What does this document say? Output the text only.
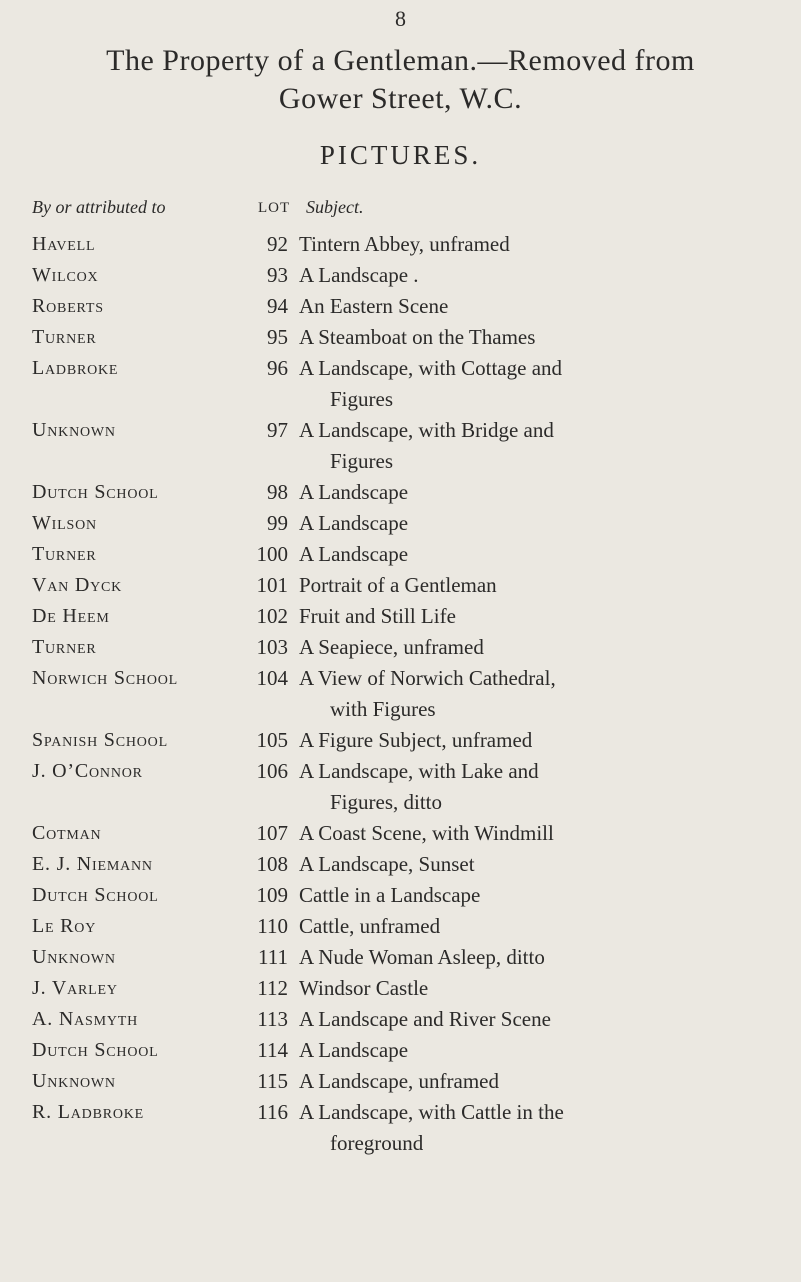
8
The Property of a Gentleman.—Removed from
Gower Street, W.C.
PICTURES.
By or attributed to	LOT Subject.
Havell	92 Tintern Abbey, unframed
Wilcox	93 A Landscape .
Roberts	94 An Eastern Scene
Turner	95 A Steamboat on the Thames
Ladbroke	96 A Landscape, with Cottage and
Figures
Unknown	97 A Landscape, with Bridge and
Figures
Dutch School	98 A Landscape
Wilson	99 A Landscape
Turner	100 A Landscape
Van Dyck	101 Portrait of a Gentleman
De Heem	102 Fruit and Still Life
Turner	103 A Seapiece, unframed
Norwich School	104 A View of Norwich Cathedral,
with Figures
Spanish School	105 A Figure Subject, unframed
J. O’Connor	106 A Landscape, with Lake and
Figures, ditto
Cotman	107 A Coast Scene, with Windmill
E. J. Niemann	108 A Landscape, Sunset
Dutch School	109 Cattle in a Landscape
Le Roy	110 Cattle, unframed
Unknown	111 A Nude Woman Asleep, ditto
J. Varley	112 Windsor Castle
A. Nasmyth	113 A Landscape and River Scene
Dutch School	114 A Landscape
Unknown	115 A Landscape, unframed
R. Ladbroke	116 A Landscape, with Cattle in the
foreground
